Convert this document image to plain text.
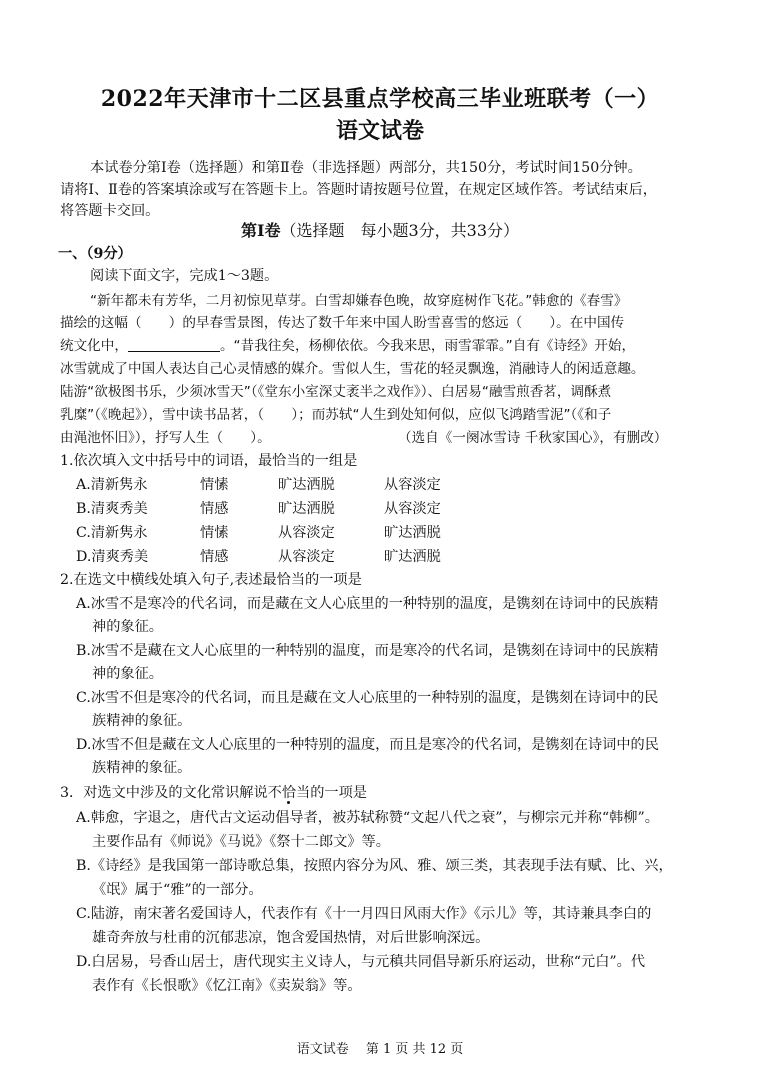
2022年天津市十二区县重点学校高三毕业班联考（一）
语文试卷
本试卷分第Ⅰ卷（选择题）和第Ⅱ卷（非选择题）两部分，共150分，考试时间150分钟。
请将Ⅰ、Ⅱ卷的答案填涂或写在答题卡上。答题时请按题号位置，在规定区域作答。考试结束后，
将答题卡交回。
第Ⅰ卷（选择题　每小题3分，共33分）
一、（9分）
阅读下面文字，完成1～3题。
“新年都未有芳华，二月初惊见草芽。白雪却嫌春色晚，故穿庭树作飞花。”韩愈的《春雪》
描绘的这幅（　　）的早春雪景图，传达了数千年来中国人盼雪喜雪的悠远（　　）。在中国传
统文化中，	。“昔我往矣，杨柳依依。今我来思，雨雪霏霏。”自有《诗经》开始，
冰雪就成了中国人表达自己心灵情感的媒介。雪似人生，雪花的轻灵飘逸，消融诗人的闲适意趣。
陆游“欲极图书乐，少须冰雪天”（《堂东小室深丈袤半之戏作》）、白居易“融雪煎香茗，调酥煮
乳糜”（《晚起》），雪中读书品茗，（　　）；而苏轼“人生到处知何似，应似飞鸿踏雪泥”（《和子
由渑池怀旧》），抒写人生（　　）。	（选自《一阕冰雪诗 千秋家国心》，有删改）
1.依次填入文中括号中的词语，最恰当的一组是
A.清新隽永	情愫	旷达洒脱	从容淡定
B.清爽秀美	情感	旷达洒脱	从容淡定
C.清新隽永	情愫	从容淡定	旷达洒脱
D.清爽秀美	情感	从容淡定	旷达洒脱
2.在选文中横线处填入句子,表述最恰当的一项是
A.冰雪不是寒冷的代名词，而是藏在文人心底里的一种特别的温度，是镌刻在诗词中的民族精
神的象征。
B.冰雪不是藏在文人心底里的一种特别的温度，而是寒冷的代名词，是镌刻在诗词中的民族精
神的象征。
C.冰雪不但是寒冷的代名词，而且是藏在文人心底里的一种特别的温度，是镌刻在诗词中的民
族精神的象征。
D.冰雪不但是藏在文人心底里的一种特别的温度，而且是寒冷的代名词，是镌刻在诗词中的民
族精神的象征。
3．对选文中涉及的文化常识解说不恰当的一项是
A.韩愈，字退之，唐代古文运动倡导者，被苏轼称赞“文起八代之衰”，与柳宗元并称“韩柳”。
主要作品有《师说》《马说》《祭十二郎文》等。
B.《诗经》是我国第一部诗歌总集，按照内容分为风、雅、颂三类，其表现手法有赋、比、兴，
《氓》属于“雅”的一部分。
C.陆游，南宋著名爱国诗人，代表作有《十一月四日风雨大作》《示儿》等，其诗兼具李白的
雄奇奔放与杜甫的沉郁悲凉，饱含爱国热情，对后世影响深远。
D.白居易，号香山居士，唐代现实主义诗人，与元稹共同倡导新乐府运动，世称“元白”。代
表作有《长恨歌》《忆江南》《卖炭翁》等。
语文试卷　 第 1 页 共 12 页
